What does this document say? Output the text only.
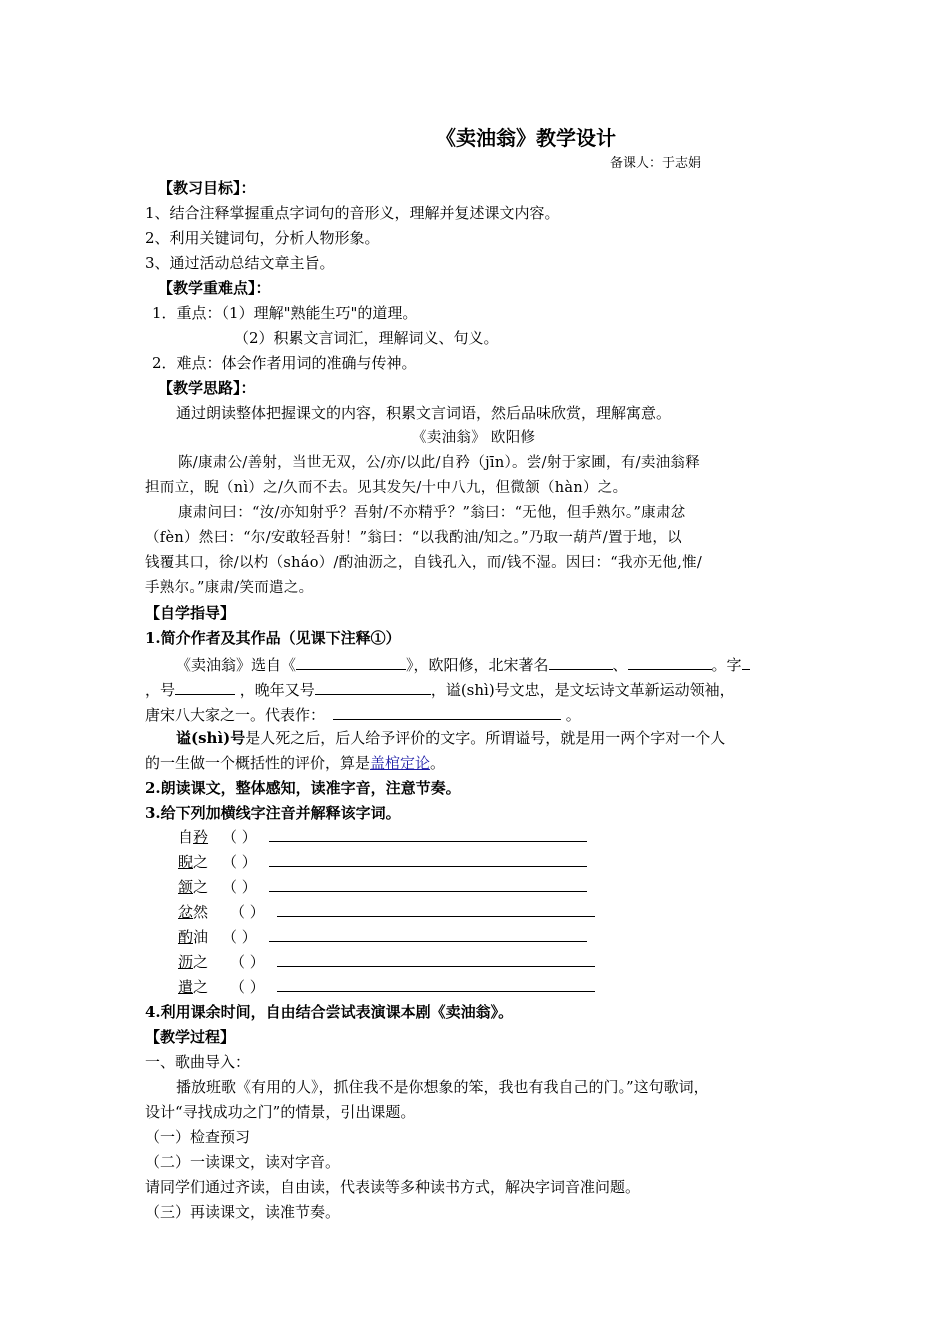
《卖油翁》教学设计
备课人：于志娟
【教习目标】：
1、结合注释掌握重点字词句的音形义，理解并复述课文内容。
2、利用关键词句，分析人物形象。
3、通过活动总结文章主旨。
【教学重难点】：
1．重点：（1）理解"熟能生巧"的道理。
（2）积累文言词汇，理解词义、句义。
2．难点：体会作者用词的准确与传神。
【教学思路】：
通过朗读整体把握课文的内容，积累文言词语，然后品味欣赏，理解寓意。
《卖油翁》 欧阳修
陈/康肃公/善射，当世无双，公/亦/以此/自矜（jīn）。尝/射于家圃，有/卖油翁释
担而立，睨（nì）之/久而不去。见其发矢/十中八九，但微颔（hàn）之。
康肃问曰：“汝/亦知射乎？吾射/不亦精乎？”翁曰：“无他，但手熟尔。”康肃忿
（fèn）然曰：“尔/安敢轻吾射！”翁曰：“以我酌油/知之。”乃取一葫芦/置于地，以
钱覆其口，徐/以杓（sháo）/酌油沥之，自钱孔入，而/钱不湿。因曰：“我亦无他,惟/
手熟尔。”康肃/笑而遣之。
【自学指导】
1.简介作者及其作品（见课下注释①）
《卖油翁》选自《	》，欧阳修，北宋著名	、	。字
，号	，晚年又号	，谥(shì)号文忠，是文坛诗文革新运动领袖，
唐宋八大家之一。代表作：	。
谥(shì)号是人死之后，后人给予评价的文字。所谓谥号，就是用一两个字对一个人
的一生做一个概括性的评价，算是盖棺定论。
2.朗读课文，整体感知，读准字音，注意节奏。
3.给下列加横线字注音并解释该字词。
自矜 （ ）
睨之 （ ）
颔之 （ ）
忿然 （ ）
酌油 （ ）
沥之 （ ）
遣之 （ ）
4.利用课余时间，自由结合尝试表演课本剧《卖油翁》。
【教学过程】
一、歌曲导入：
播放班歌《有用的人》，抓住我不是你想象的笨，我也有我自己的门。”这句歌词，
设计“寻找成功之门”的情景，引出课题。
（一）检查预习
（二）一读课文，读对字音。
请同学们通过齐读，自由读，代表读等多种读书方式，解决字词音准问题。
（三）再读课文，读准节奏。
